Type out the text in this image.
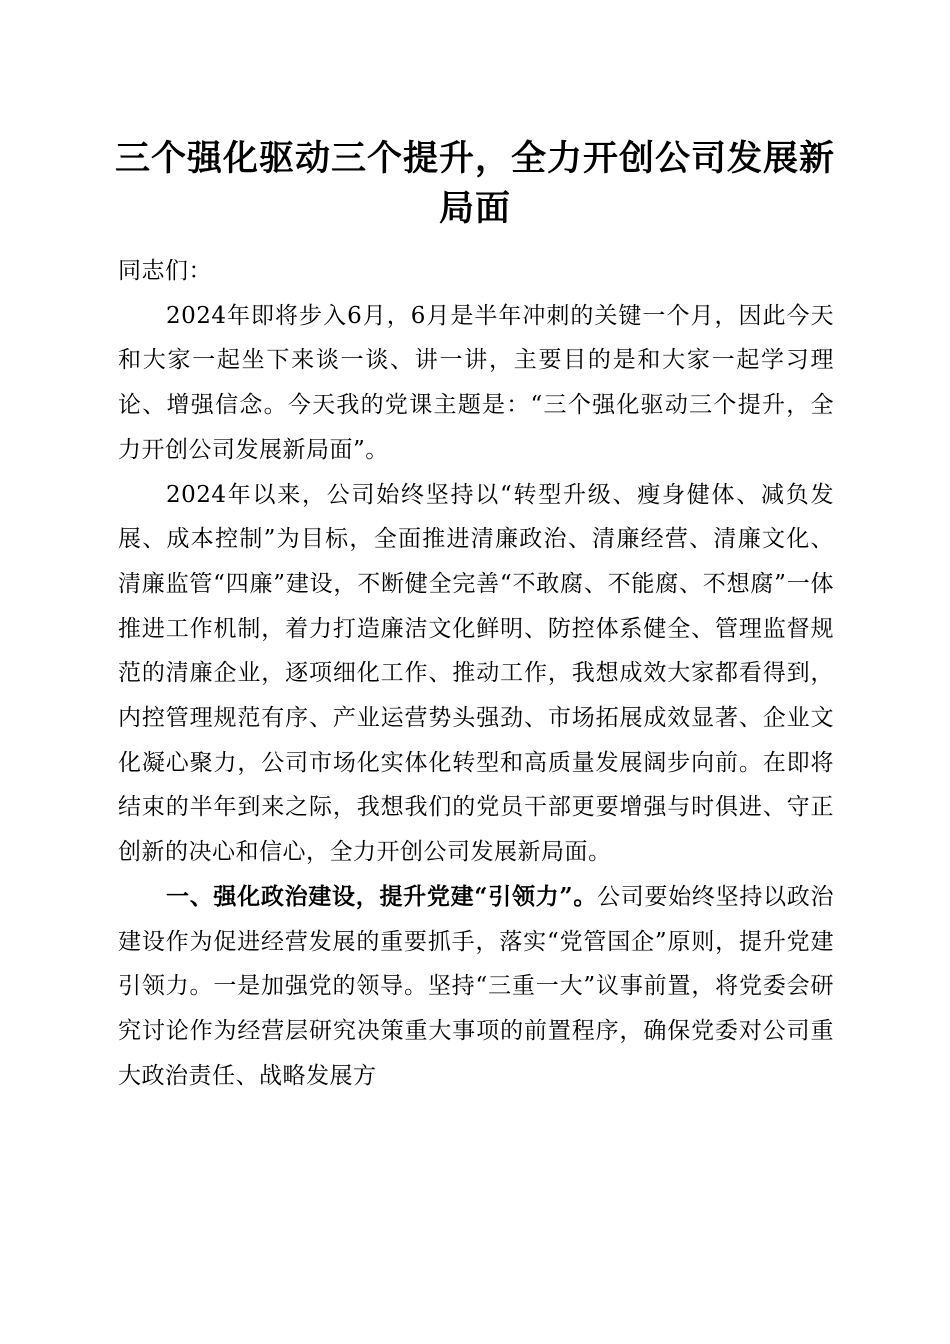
三个强化驱动三个提升，全力开创公司发展新局面

同志们：

2024年即将步入6月，6月是半年冲刺的关键一个月，因此今天和大家一起坐下来谈一谈、讲一讲，主要目的是和大家一起学习理论、增强信念。今天我的党课主题是：“三个强化驱动三个提升，全力开创公司发展新局面”。

2024年以来，公司始终坚持以“转型升级、瘦身健体、减负发展、成本控制”为目标，全面推进清廉政治、清廉经营、清廉文化、清廉监管“四廉”建设，不断健全完善“不敢腐、不能腐、不想腐”一体推进工作机制，着力打造廉洁文化鲜明、防控体系健全、管理监督规范的清廉企业，逐项细化工作、推动工作，我想成效大家都看得到，内控管理规范有序、产业运营势头强劲、市场拓展成效显著、企业文化凝心聚力，公司市场化实体化转型和高质量发展阔步向前。在即将结束的半年到来之际，我想我们的党员干部更要增强与时俱进、守正创新的决心和信心，全力开创公司发展新局面。

一、强化政治建设，提升党建“引领力”。公司要始终坚持以政治建设作为促进经营发展的重要抓手，落实“党管国企”原则，提升党建引领力。一是加强党的领导。坚持“三重一大”议事前置，将党委会研究讨论作为经营层研究决策重大事项的前置程序，确保党委对公司重大政治责任、战略发展方
